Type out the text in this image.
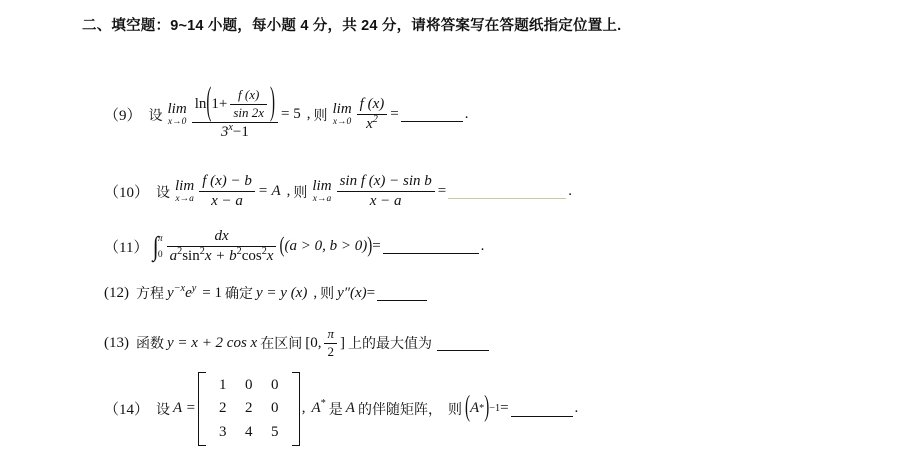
二、填空题：9~14 小题，每小题 4 分，共 24 分，请将答案写在答题纸指定位置上.
（9） 设 lim
x→0
ln ( $1+ \frac{f (x)}{\sin 2x}$ )
$3^x-1$
= 5
, 则 lim
$x\to 0 \frac{f (x)}{x^2}$ =	.
（10） 设 lim
$x\to a \frac{f (x) - b}{x - a} = A$
, 则 lim
$x\to a \frac{\text{sin f (x) − sin b}}{x - a}$ =	.
（11） ∫
π
$0 \frac{dx}{a^2\sin^2x + b^2\cos^2x}$ ( (a > 0, b > 0) ) =	.
(12) 方程 $y^{-x}e^y$
= 1 确定 y = y (x)
, 则 y″(x) =
(13) 函数 y = x + 2 cos x 在区间 [0, $\frac{\pi}{2}$ ] 上的最大值为
（14） 设 A =
1	0	0
2	2	0
3	4	5
,
A* 是 A 的伴随矩阵， 则 ( A * ) −1 =	.
